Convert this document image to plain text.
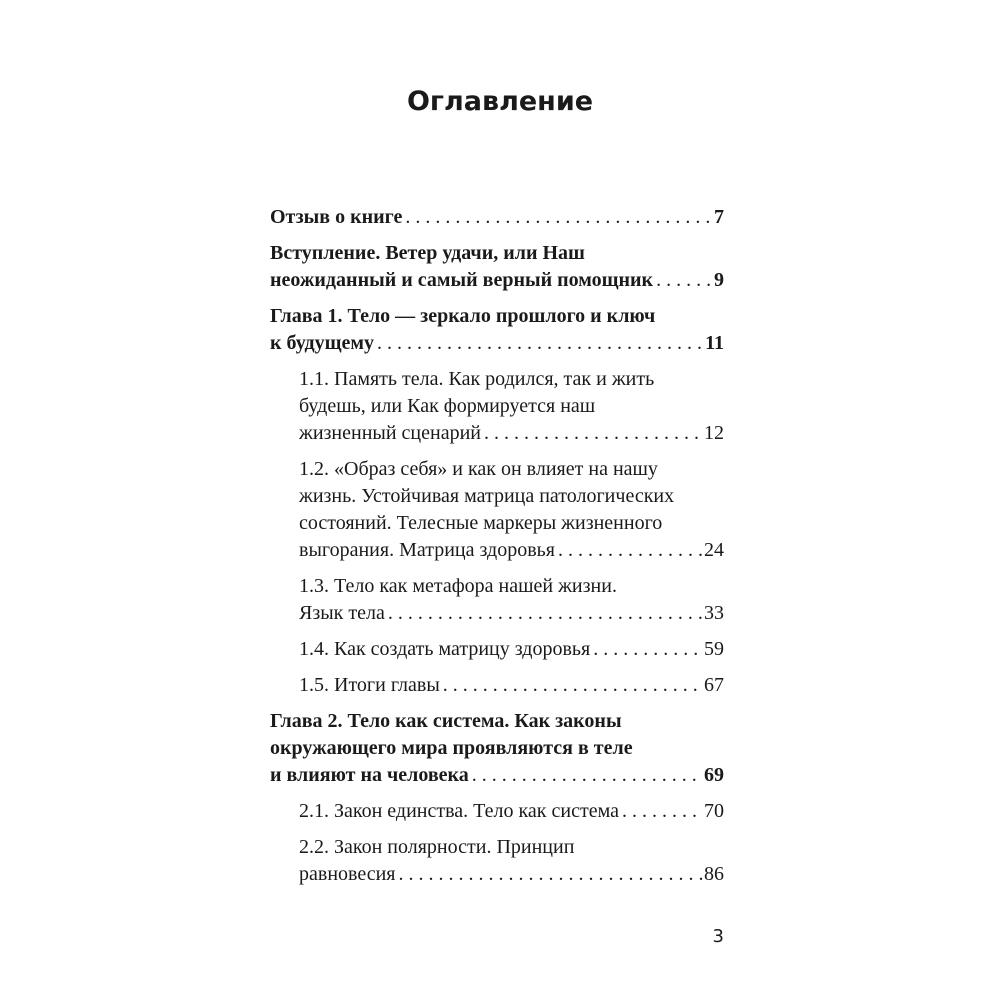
Оглавление
Отзыв о книге . . .	7
Вступление. Ветер удачи, или Наш
неожиданный и самый верный помощник . . .	9
Глава 1. Тело — зеркало прошлого и ключ
к будущему . . .	11
1.1. Память тела. Как родился, так и жить
будешь, или Как формируется наш
жизненный сценарий . . .	12
1.2. «Образ себя» и как он влияет на нашу
жизнь. Устойчивая матрица патологических
состояний. Телесные маркеры жизненного
выгорания. Матрица здоровья . . .	24
1.3. Тело как метафора нашей жизни.
Язык тела . . .	33
1.4. Как создать матрицу здоровья . . .	59
1.5. Итоги главы . . .	67
Глава 2. Тело как система. Как законы
окружающего мира проявляются в теле
и влияют на человека . . .	69
2.1. Закон единства. Тело как система . . .	70
2.2. Закон полярности. Принцип
равновесия . . .	86
3
